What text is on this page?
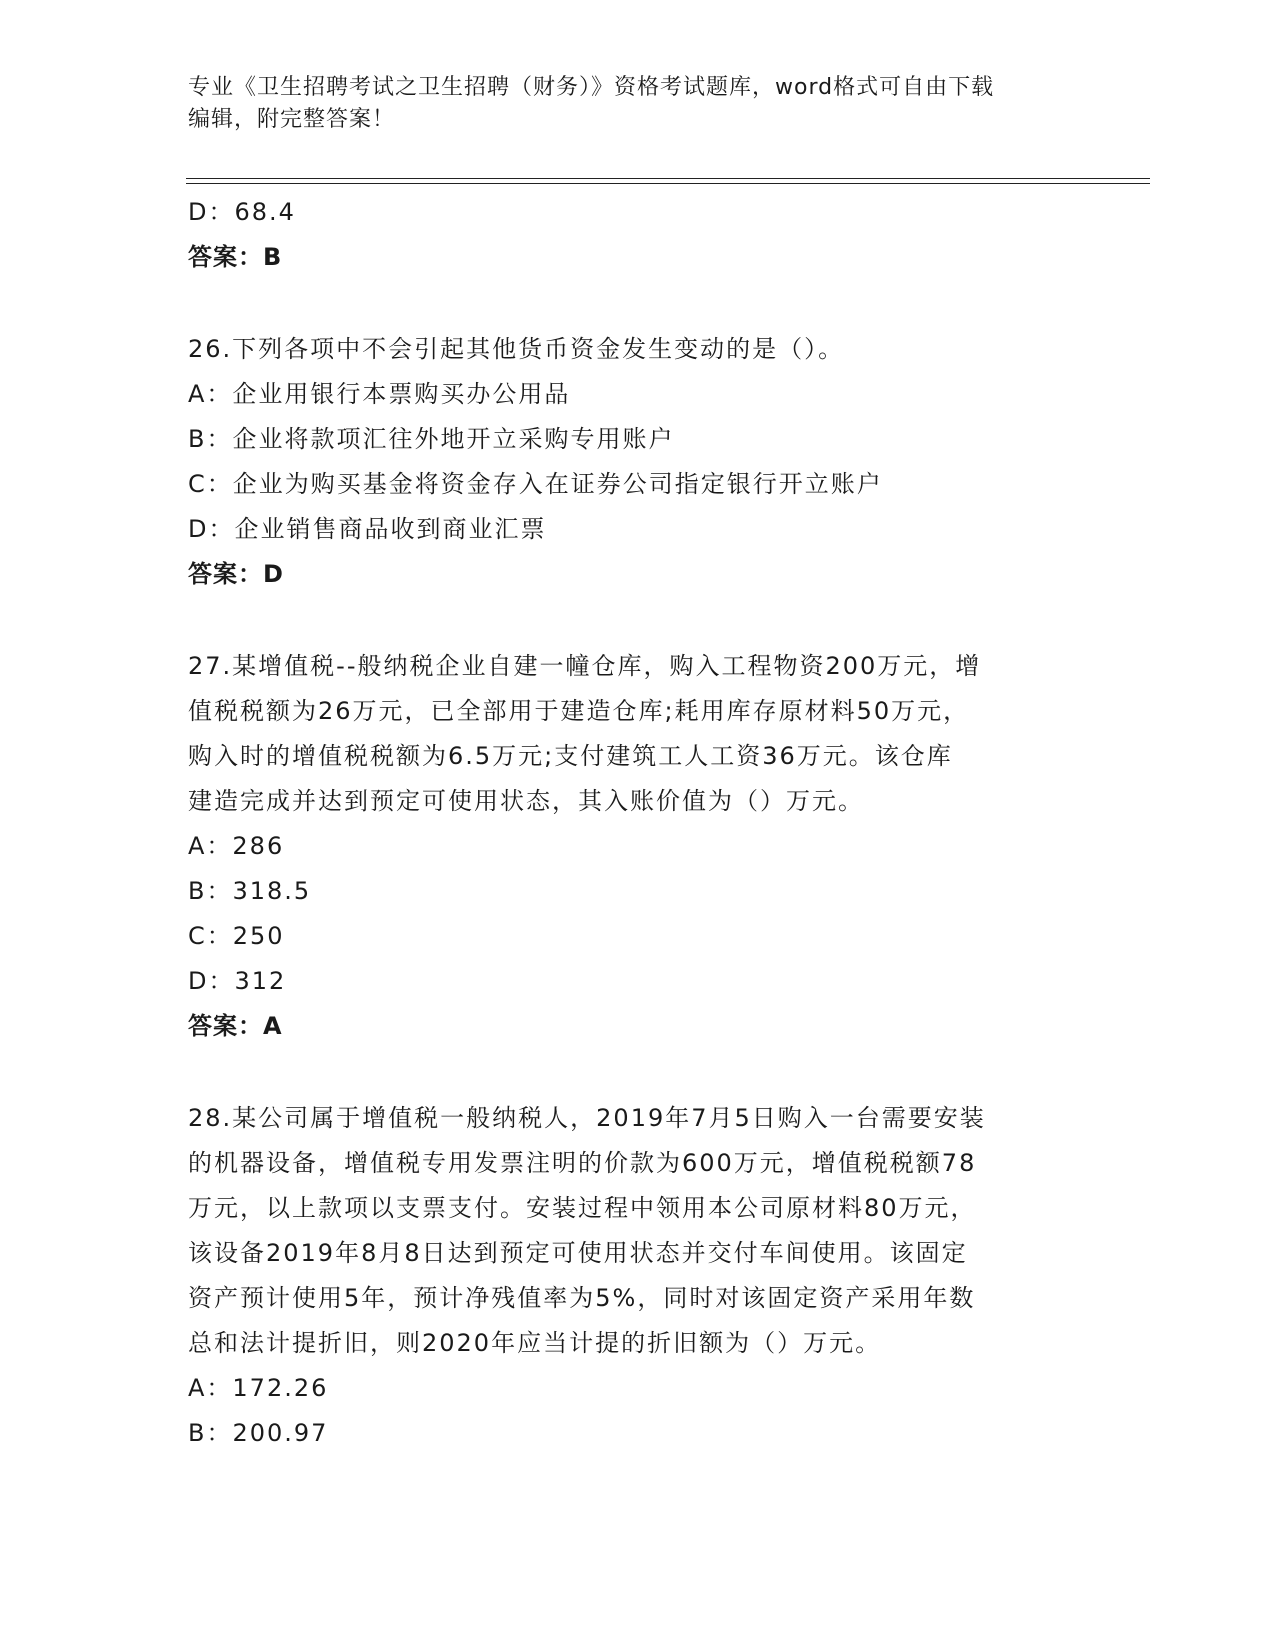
专业《卫生招聘考试之卫生招聘（财务）》资格考试题库，word格式可自由下载
编辑，附完整答案！
D：68.4
答案：B
26.下列各项中不会引起其他货币资金发生变动的是（）。
A：企业用银行本票购买办公用品
B：企业将款项汇往外地开立采购专用账户
C：企业为购买基金将资金存入在证券公司指定银行开立账户
D：企业销售商品收到商业汇票
答案：D
27.某增值税--般纳税企业自建一幢仓库，购入工程物资200万元，增
值税税额为26万元，已全部用于建造仓库;耗用库存原材料50万元，
购入时的增值税税额为6.5万元;支付建筑工人工资36万元。该仓库
建造完成并达到预定可使用状态，其入账价值为（）万元。
A：286
B：318.5
C：250
D：312
答案：A
28.某公司属于增值税一般纳税人，2019年7月5日购入一台需要安装
的机器设备，增值税专用发票注明的价款为600万元，增值税税额78
万元，以上款项以支票支付。安装过程中领用本公司原材料80万元，
该设备2019年8月8日达到预定可使用状态并交付车间使用。该固定
资产预计使用5年，预计净残值率为5%，同时对该固定资产采用年数
总和法计提折旧，则2020年应当计提的折旧额为（）万元。
A：172.26
B：200.97
